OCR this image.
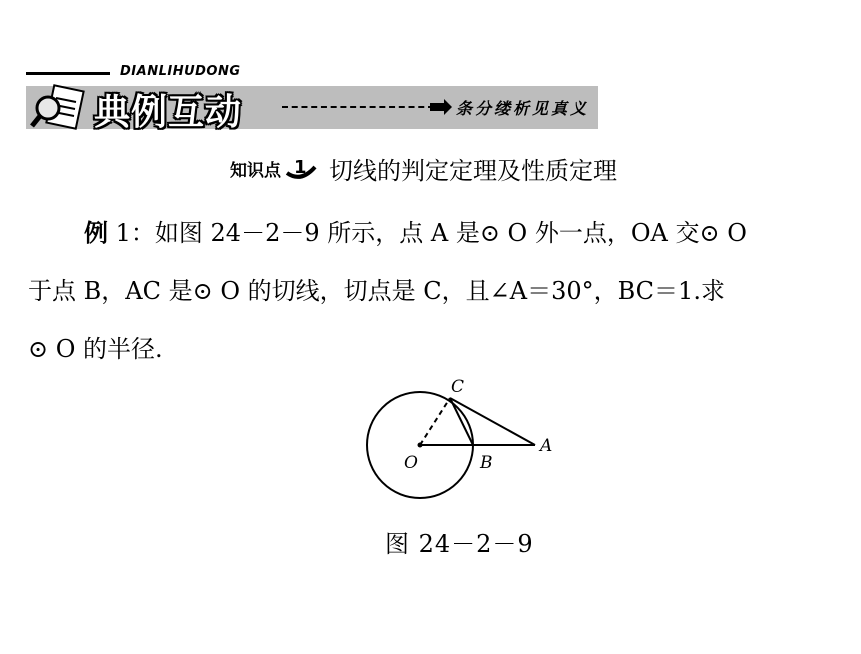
DIANLIHUDONG
典例互动	条分缕析见真义
知识点 1 切线的判定定理及性质定理
例 1：如图 24－2－9 所示，点 A 是⊙ O 外一点，OA 交⊙ O
于点 B，AC 是⊙ O 的切线，切点是 C，且∠A＝30°，BC＝1.求
⊙ O 的半径.
C
O	B
A
图 24－2－9
